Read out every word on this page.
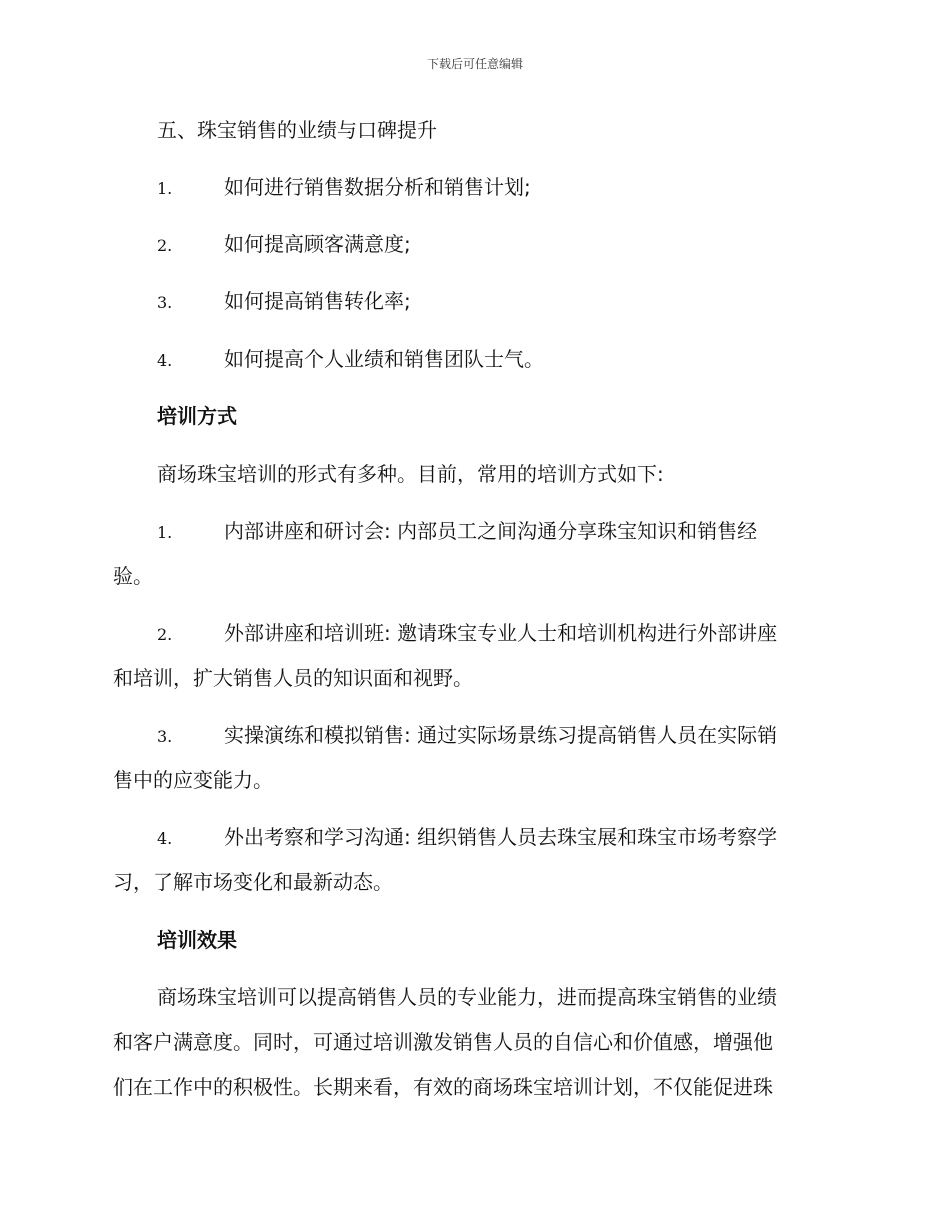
下载后可任意编辑
五、珠宝销售的业绩与口碑提升
1.	如何进行销售数据分析和销售计划;
2.	如何提高顾客满意度;
3.	如何提高销售转化率;
4.	如何提高个人业绩和销售团队士气。
培训方式
商场珠宝培训的形式有多种。目前，常用的培训方式如下:
1.	内部讲座和研讨会: 内部员工之间沟通分享珠宝知识和销售经
验。
2.	外部讲座和培训班: 邀请珠宝专业人士和培训机构进行外部讲座
和培训，扩大销售人员的知识面和视野。
3.	实操演练和模拟销售: 通过实际场景练习提高销售人员在实际销
售中的应变能力。
4.	外出考察和学习沟通: 组织销售人员去珠宝展和珠宝市场考察学
习，了解市场变化和最新动态。
培训效果
商场珠宝培训可以提高销售人员的专业能力，进而提高珠宝销售的业绩
和客户满意度。同时，可通过培训激发销售人员的自信心和价值感，增强他
们在工作中的积极性。长期来看，有效的商场珠宝培训计划，不仅能促进珠
